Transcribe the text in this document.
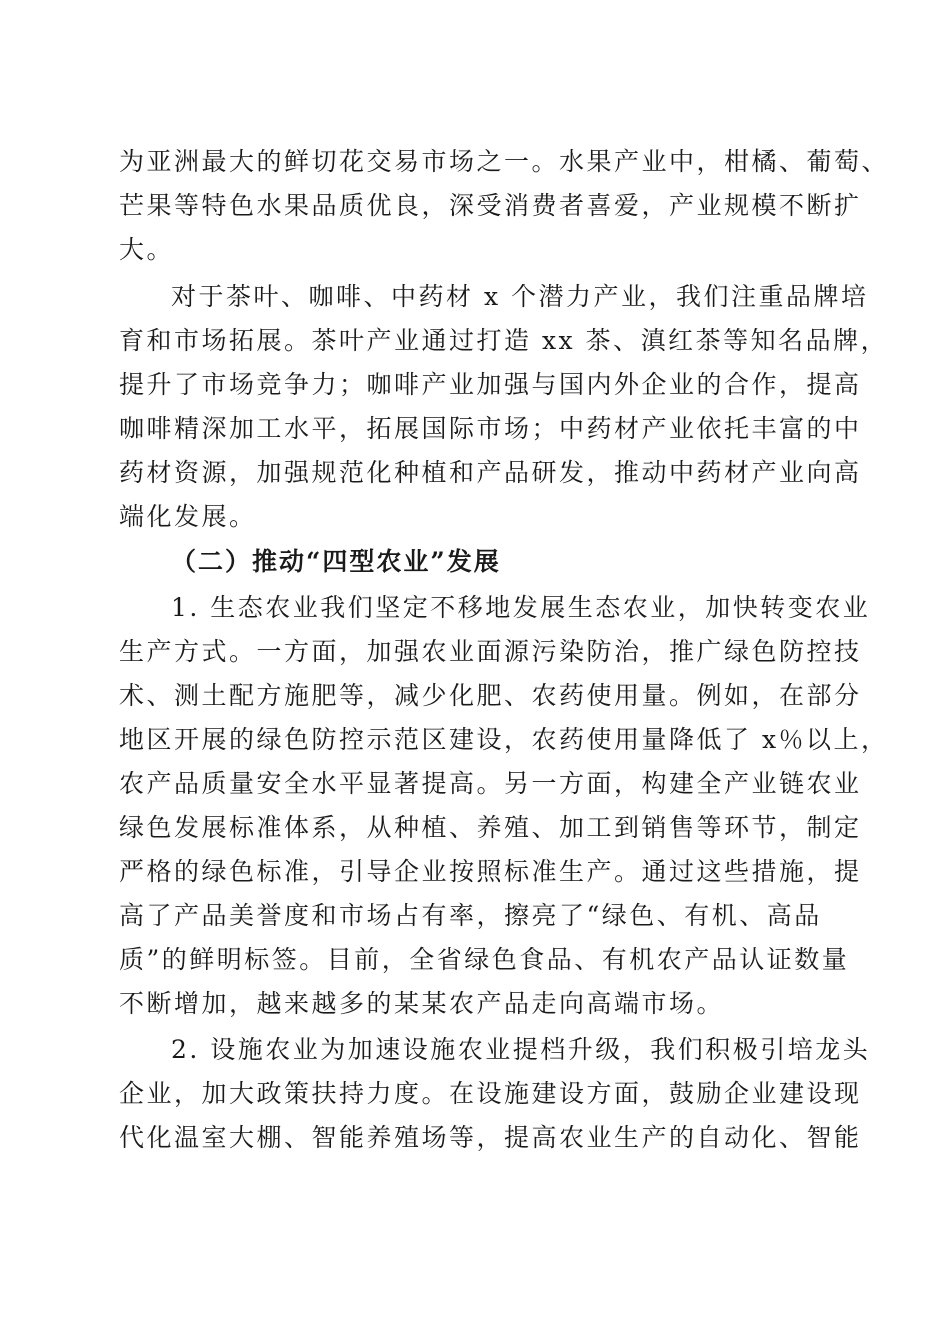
为亚洲最大的鲜切花交易市场之一。水果产业中，柑橘、葡萄、
芒果等特色水果品质优良，深受消费者喜爱，产业规模不断扩
大。
对于茶叶、咖啡、中药材 x 个潜力产业，我们注重品牌培
育和市场拓展。茶叶产业通过打造 xx 茶、滇红茶等知名品牌，
提升了市场竞争力；咖啡产业加强与国内外企业的合作，提高
咖啡精深加工水平，拓展国际市场；中药材产业依托丰富的中
药材资源，加强规范化种植和产品研发，推动中药材产业向高
端化发展。
（二）推动“四型农业”发展
1. 生态农业我们坚定不移地发展生态农业，加快转变农业
生产方式。一方面，加强农业面源污染防治，推广绿色防控技
术、测土配方施肥等，减少化肥、农药使用量。例如，在部分
地区开展的绿色防控示范区建设，农药使用量降低了 x％以上，
农产品质量安全水平显著提高。另一方面，构建全产业链农业
绿色发展标准体系，从种植、养殖、加工到销售等环节，制定
严格的绿色标准，引导企业按照标准生产。通过这些措施，提
高了产品美誉度和市场占有率，擦亮了“绿色、有机、高品
质”的鲜明标签。目前，全省绿色食品、有机农产品认证数量
不断增加，越来越多的某某农产品走向高端市场。
2. 设施农业为加速设施农业提档升级，我们积极引培龙头
企业，加大政策扶持力度。在设施建设方面，鼓励企业建设现
代化温室大棚、智能养殖场等，提高农业生产的自动化、智能
